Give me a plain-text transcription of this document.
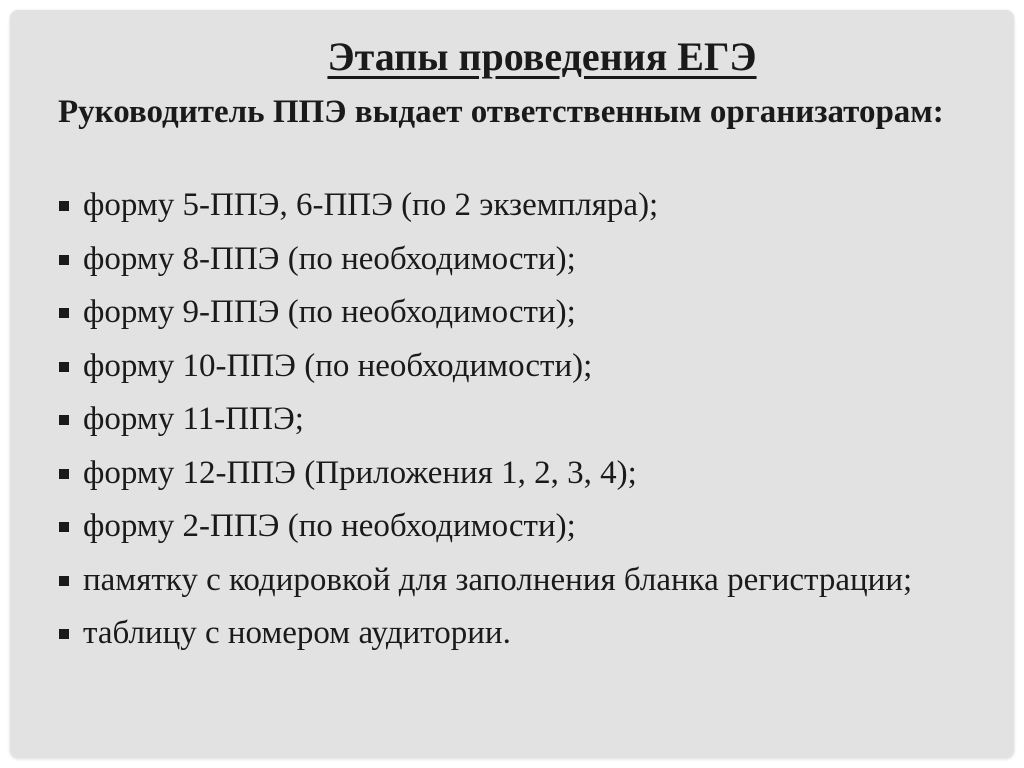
Этапы проведения ЕГЭ

Руководитель ППЭ выдает ответственным организаторам:

форму 5-ППЭ, 6-ППЭ (по 2 экземпляра);
форму 8-ППЭ (по необходимости);
форму 9-ППЭ (по необходимости);
форму 10-ППЭ (по необходимости);
форму 11-ППЭ;
форму 12-ППЭ (Приложения 1, 2, 3, 4);
форму 2-ППЭ (по необходимости);
памятку с кодировкой для заполнения бланка регистрации;
таблицу с номером аудитории.
